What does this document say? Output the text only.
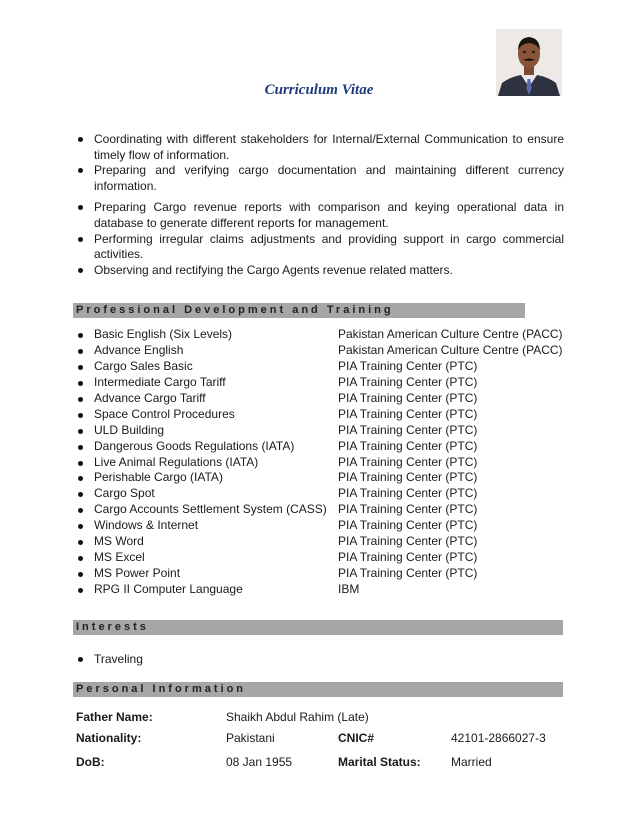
Curriculum Vitae
Coordinating with different stakeholders for Internal/External Communication to ensure timely flow of information.
Preparing and verifying cargo documentation and maintaining different currency information.
Preparing Cargo revenue reports with comparison and keying operational data in database to generate different reports for management.
Performing irregular claims adjustments and providing support in cargo commercial activities.
Observing and rectifying the Cargo Agents revenue related matters.
Professional Development and Training
Basic English (Six Levels)	Pakistan American Culture Centre (PACC)
Advance English	Pakistan American Culture Centre (PACC)
Cargo Sales Basic	PIA Training Center (PTC)
Intermediate Cargo Tariff	PIA Training Center (PTC)
Advance Cargo Tariff	PIA Training Center (PTC)
Space Control Procedures	PIA Training Center (PTC)
ULD Building	PIA Training Center (PTC)
Dangerous Goods Regulations (IATA)	PIA Training Center (PTC)
Live Animal Regulations (IATA)	PIA Training Center (PTC)
Perishable Cargo (IATA)	PIA Training Center (PTC)
Cargo Spot	PIA Training Center (PTC)
Cargo Accounts Settlement System (CASS) PIA Training Center (PTC)
Windows & Internet	PIA Training Center (PTC)
MS Word	PIA Training Center (PTC)
MS Excel	PIA Training Center (PTC)
MS Power Point	PIA Training Center (PTC)
RPG II Computer Language	IBM
Interests
Traveling
Personal Information
Father Name:	Shaikh Abdul Rahim (Late)
Nationality:	Pakistani	CNIC#	42101-2866027-3
DoB:	08 Jan 1955	Marital Status:	Married
